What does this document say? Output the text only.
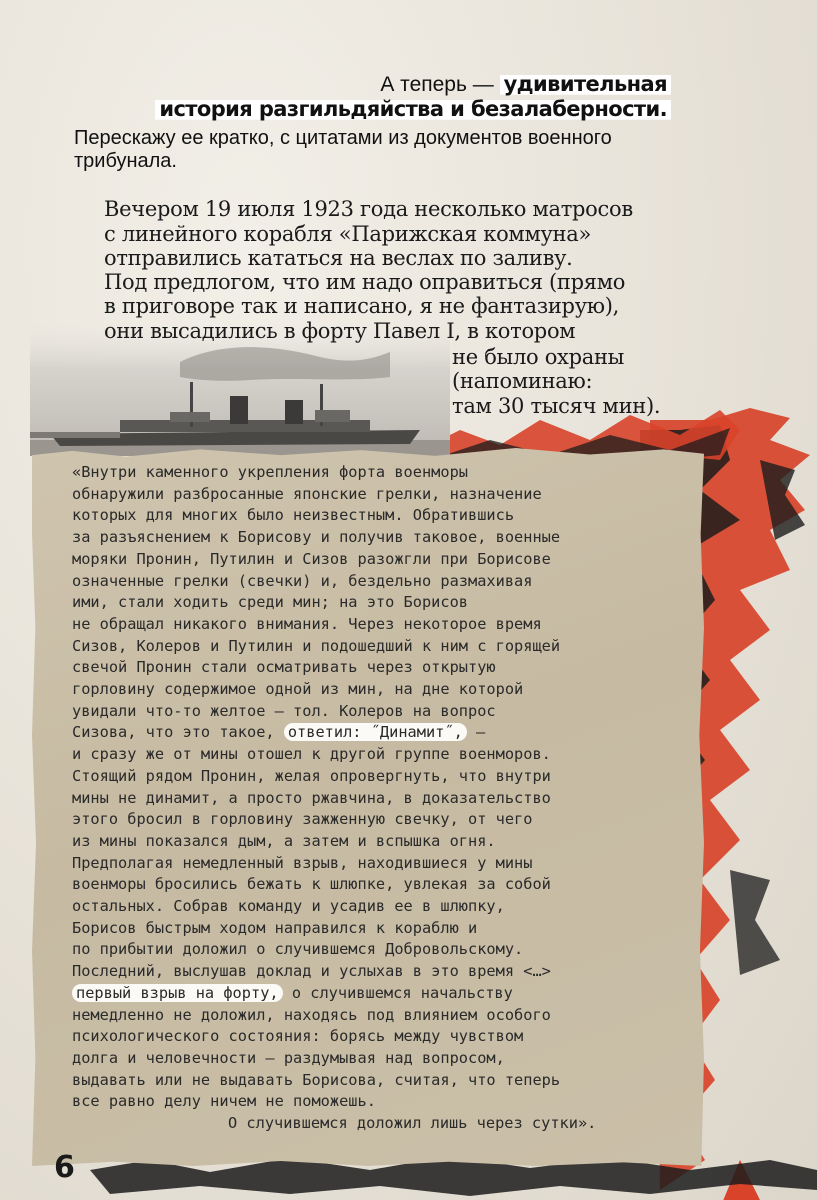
А теперь — удивительная
история разгильдяйства и безалаберности.
Перескажу ее кратко, с цитатами из документов военного трибунала.
Вечером 19 июля 1923 года несколько матросов
с линейного корабля «Парижская коммуна»
отправились кататься на веслах по заливу.
Под предлогом, что им надо оправиться (прямо
в приговоре так и написано, я не фантазирую),
они высадились в форту Павел I, в котором
не было охраны
(напоминаю:
там 30 тысяч мин).
«Внутри каменного укрепления форта военморы
обнаружили разбросанные японские грелки, назначение
которых для многих было неизвестным. Обратившись
за разъяснением к Борисову и получив таковое, военные
моряки Пронин, Путилин и Сизов разожгли при Борисове
означенные грелки (свечки) и, бездельно размахивая
ими, стали ходить среди мин; на это Борисов
не обращал никакого внимания. Через некоторое время
Сизов, Колеров и Путилин и подошедший к ним с горящей
свечой Пронин стали осматривать через открытую
горловину содержимое одной из мин, на дне которой
увидали что-то желтое — тол. Колеров на вопрос
Сизова, что это такое, ответил: ˝Динамит˝, —
и сразу же от мины отошел к другой группе военморов.
Стоящий рядом Пронин, желая опровергнуть, что внутри
мины не динамит, а просто ржавчина, в доказательство
этого бросил в горловину зажженную свечку, от чего
из мины показался дым, а затем и вспышка огня.
Предполагая немедленный взрыв, находившиеся у мины
военморы бросились бежать к шлюпке, увлекая за собой
остальных. Собрав команду и усадив ее в шлюпку,
Борисов быстрым ходом направился к кораблю и
по прибытии доложил о случившемся Добровольскому.
Последний, выслушав доклад и услыхав в это время <…>
первый взрыв на форту, о случившемся начальству
немедленно не доложил, находясь под влиянием особого
психологического состояния: борясь между чувством
долга и человечности — раздумывая над вопросом,
выдавать или не выдавать Борисова, считая, что теперь
все равно делу ничем не поможешь.
О случившемся доложил лишь через сутки».
6
